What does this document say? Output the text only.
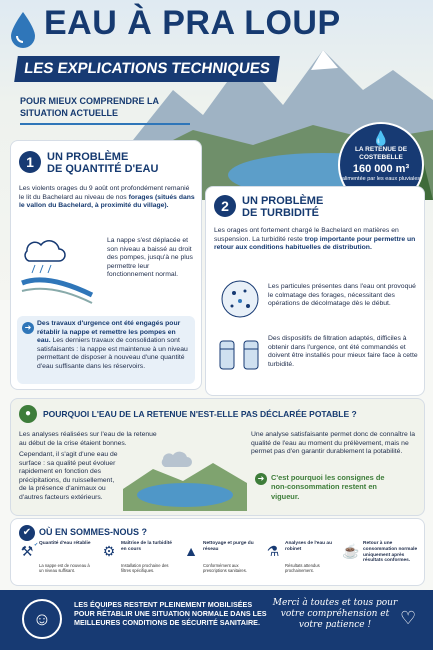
EAU À PRA LOUP
LES EXPLICATIONS TECHNIQUES
POUR MIEUX COMPRENDRE LA SITUATION ACTUELLE
💧
LA RETENUE DE COSTEBELLE
160 000 m³
alimentée par les eaux pluviales
1	UN PROBLÈME
DE QUANTITÉ D'EAU
Les violents orages du 9 août ont profondément remanié le lit du Bachelard au niveau de nos forages (situés dans le vallon du Bachelard, à proximité du village).
La nappe s'est déplacée et son niveau a baissé au droit des pompes, jusqu'à ne plus permettre leur fonctionnement normal.
➜ Des travaux d'urgence ont été engagés pour rétablir la nappe et remettre les pompes en eau. Les derniers travaux de consolidation sont satisfaisants : la nappe est maintenue à un niveau permettant de disposer à nouveau d'une quantité d'eau suffisante dans les réservoirs.
2	UN PROBLÈME
DE TURBIDITÉ
Les orages ont fortement chargé le Bachelard en matières en suspension. La turbidité reste trop importante pour permettre un retour aux conditions habituelles de distribution.
Les particules présentes dans l'eau ont provoqué le colmatage des forages, nécessitant des opérations de décolmatage dès le début.
Des dispositifs de filtration adaptés, difficiles à obtenir dans l'urgence, ont été commandés et doivent être installés pour mieux faire face à cette turbidité.
●	POURQUOI L'EAU DE LA RETENUE N'EST-ELLE PAS DÉCLARÉE POTABLE ?
Les analyses réalisées sur l'eau de la retenue au début de la crise étaient bonnes.
Cependant, il s'agit d'une eau de surface : sa qualité peut évoluer rapidement en fonction des précipitations, du ruissellement, de la présence d'animaux ou d'autres facteurs extérieurs.
Une analyse satisfaisante permet donc de connaître la qualité de l'eau au moment du prélèvement, mais ne permet pas d'en garantir durablement la potabilité.
➜ C'est pourquoi les consignes de non-consommation restent en vigueur.
✔ OÙ EN SOMMES-NOUS ?
⚒ ✔ Quantité d'eau rétablie
La nappe est de nouveau à un niveau suffisant.
⚙	Maîtrise de la turbidité en cours
Installation prochaine des filtres spécifiques.
▲	Nettoyage et purge du réseau
Conformément aux prescriptions sanitaires.
⚗	Analyses de l'eau au robinet
Résultats attendus prochainement.
☕ Retour à une consommation normale uniquement après résultats conformes.
☺
LES ÉQUIPES RESTENT PLEINEMENT MOBILISÉES POUR RÉTABLIR UNE SITUATION NORMALE DANS LES MEILLEURES CONDITIONS DE SÉCURITÉ SANITAIRE.
Merci à toutes et tous pour votre compréhension et votre patience !	♡
